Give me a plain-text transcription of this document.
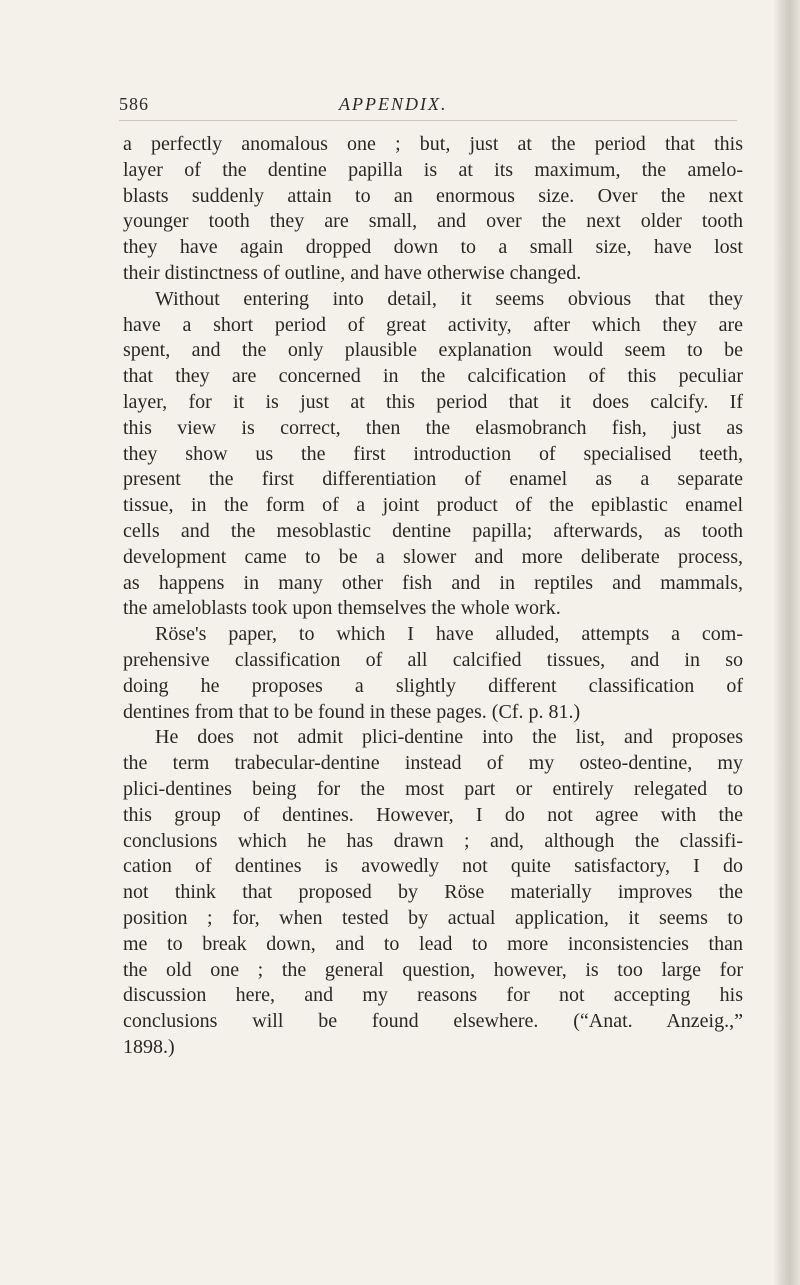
586	APPENDIX.
a perfectly anomalous one ; but, just at the period that this
layer of the dentine papilla is at its maximum, the amelo-
blasts suddenly attain to an enormous size. Over the next
younger tooth they are small, and over the next older tooth
they have again dropped down to a small size, have lost
their distinctness of outline, and have otherwise changed.
Without entering into detail, it seems obvious that they
have a short period of great activity, after which they are
spent, and the only plausible explanation would seem to be
that they are concerned in the calcification of this peculiar
layer, for it is just at this period that it does calcify. If
this view is correct, then the elasmobranch fish, just as
they show us the first introduction of specialised teeth,
present the first differentiation of enamel as a separate
tissue, in the form of a joint product of the epiblastic enamel
cells and the mesoblastic dentine papilla; afterwards, as tooth
development came to be a slower and more deliberate process,
as happens in many other fish and in reptiles and mammals,
the ameloblasts took upon themselves the whole work.
Röse's paper, to which I have alluded, attempts a com-
prehensive classification of all calcified tissues, and in so
doing he proposes a slightly different classification of
dentines from that to be found in these pages. (Cf. p. 81.)
He does not admit plici-dentine into the list, and proposes
the term trabecular-dentine instead of my osteo-dentine, my
plici-dentines being for the most part or entirely relegated to
this group of dentines. However, I do not agree with the
conclusions which he has drawn ; and, although the classifi-
cation of dentines is avowedly not quite satisfactory, I do
not think that proposed by Röse materially improves the
position ; for, when tested by actual application, it seems to
me to break down, and to lead to more inconsistencies than
the old one ; the general question, however, is too large for
discussion here, and my reasons for not accepting his
conclusions will be found elsewhere. (“Anat. Anzeig.,”
1898.)
